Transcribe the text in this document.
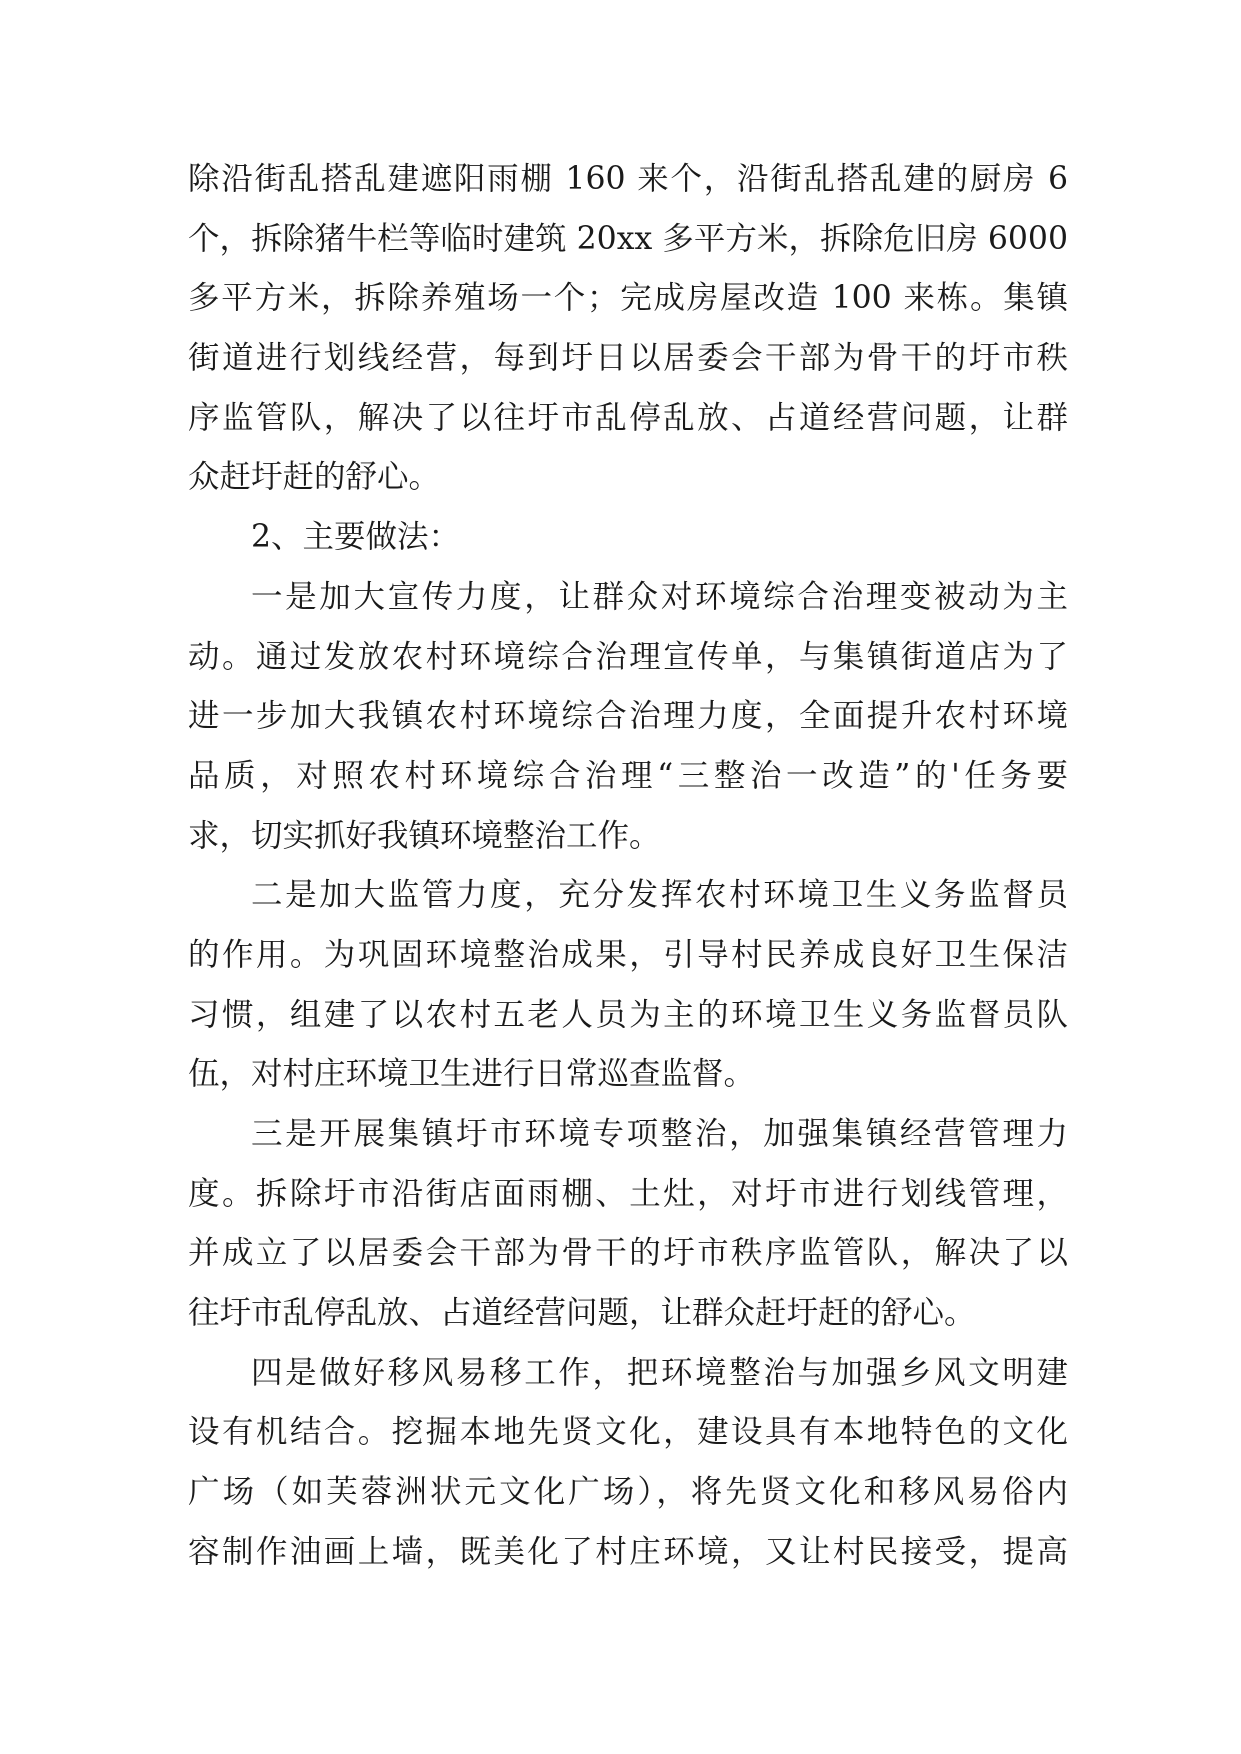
除沿街乱搭乱建遮阳雨棚 160 来个，沿街乱搭乱建的厨房 6
个，拆除猪牛栏等临时建筑 20xx 多平方米，拆除危旧房 6000
多平方米，拆除养殖场一个；完成房屋改造 100 来栋。集镇
街道进行划线经营，每到圩日以居委会干部为骨干的圩市秩
序监管队，解决了以往圩市乱停乱放、占道经营问题，让群
众赶圩赶的舒心。
2、主要做法：
一是加大宣传力度，让群众对环境综合治理变被动为主
动。通过发放农村环境综合治理宣传单，与集镇街道店为了
进一步加大我镇农村环境综合治理力度，全面提升农村环境
品质，对照农村环境综合治理“三整治一改造”的'任务要
求，切实抓好我镇环境整治工作。
二是加大监管力度，充分发挥农村环境卫生义务监督员
的作用。为巩固环境整治成果，引导村民养成良好卫生保洁
习惯，组建了以农村五老人员为主的环境卫生义务监督员队
伍，对村庄环境卫生进行日常巡查监督。
三是开展集镇圩市环境专项整治，加强集镇经营管理力
度。拆除圩市沿街店面雨棚、土灶，对圩市进行划线管理，
并成立了以居委会干部为骨干的圩市秩序监管队，解决了以
往圩市乱停乱放、占道经营问题，让群众赶圩赶的舒心。
四是做好移风易移工作，把环境整治与加强乡风文明建
设有机结合。挖掘本地先贤文化，建设具有本地特色的文化
广场（如芙蓉洲状元文化广场），将先贤文化和移风易俗内
容制作油画上墙，既美化了村庄环境，又让村民接受，提高
